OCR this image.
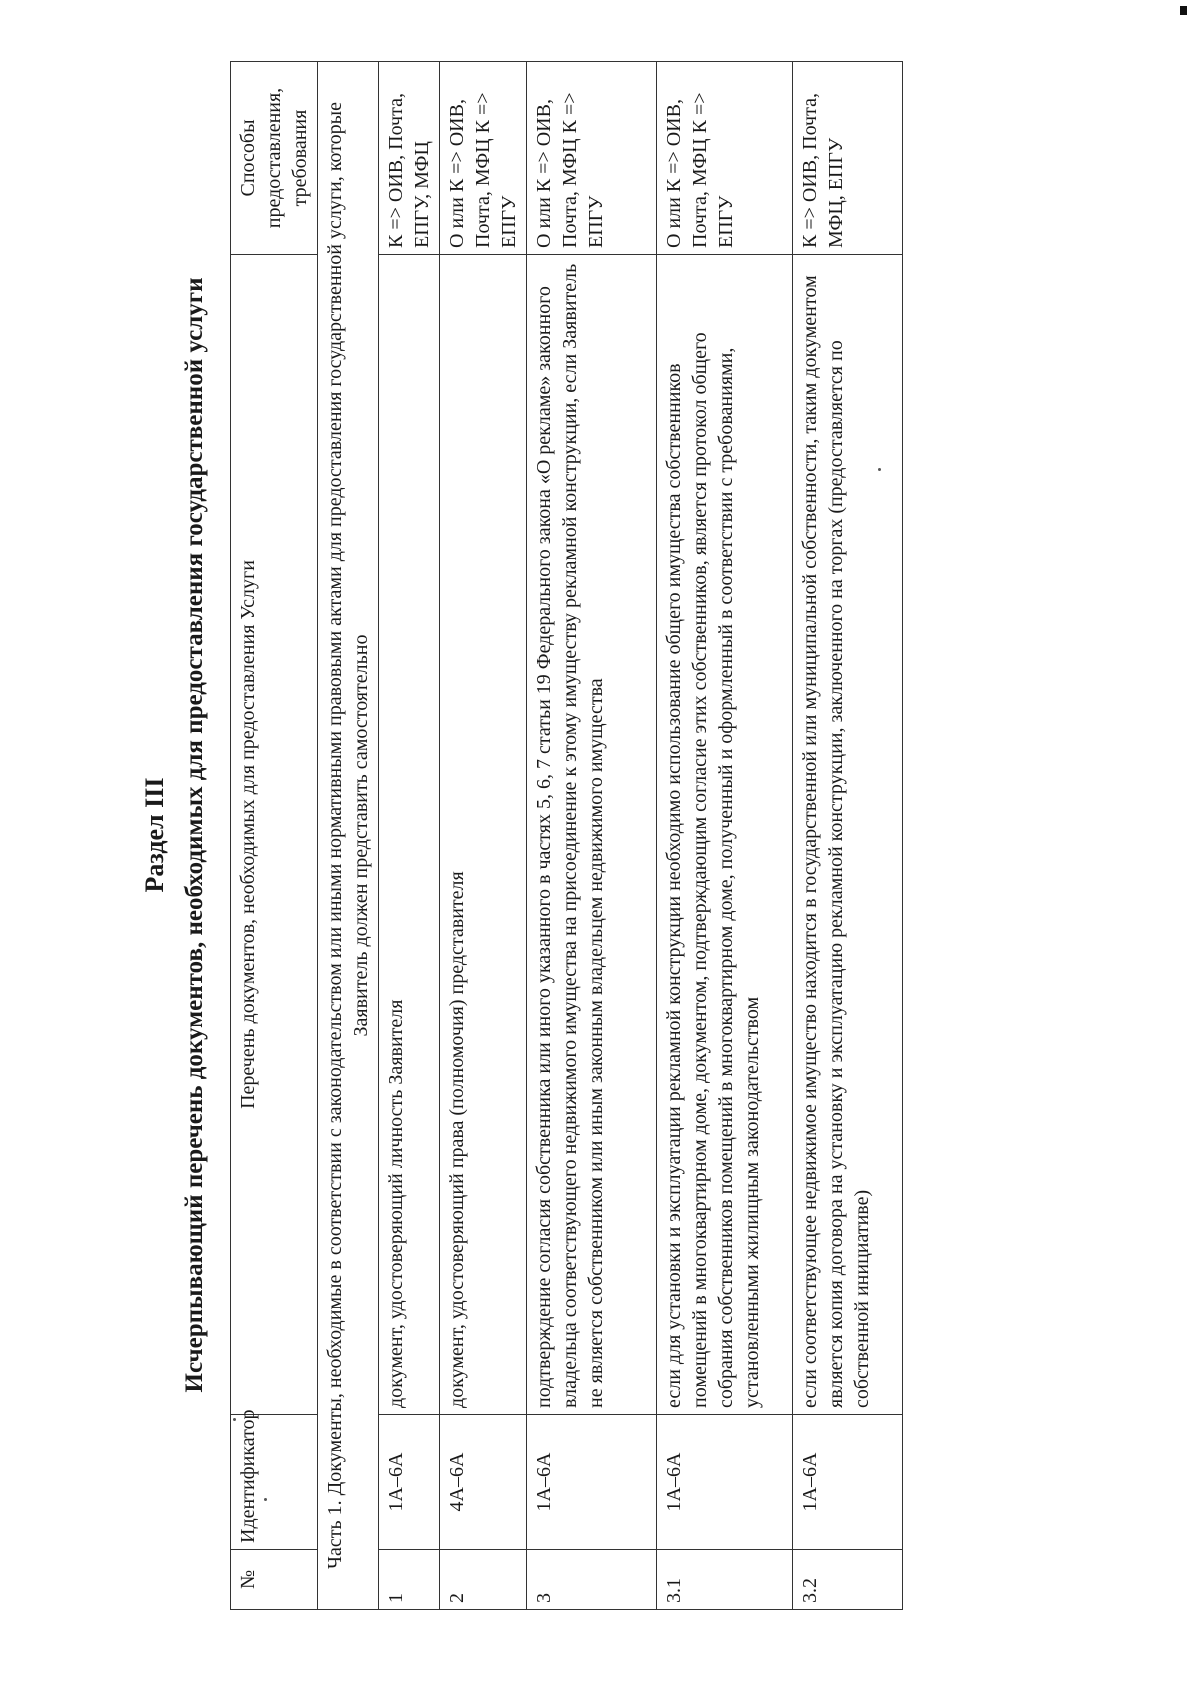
Раздел III Исчерпывающий перечень документов, необходимых для предоставления государственной услуги
№	Идентификатор	Перечень документов, необходимых для предоставления Услуги	Способы предоставления, требования
Часть 1. Документы, необходимые в соответствии с законодательством или иными нормативными правовыми актами для предоставления государственной услуги, которые Заявитель должен представить самостоятельно			
1	1А–6А	документ, удостоверяющий личность Заявителя	К => ОИВ, Почта, ЕПГУ, МФЦ
2	4А–6А	документ, удостоверяющий права (полномочия) представителя	О или К => ОИВ, Почта, МФЦ К => ЕПГУ
3	1А–6А	подтверждение согласия собственника или иного указанного в частях 5, 6, 7 статьи 19 Федерального закона «О рекламе» законного владельца соответствующего недвижимого имущества на присоединение к этому имуществу рекламной конструкции, если Заявитель не является собственником или иным законным владельцем недвижимого имущества	О или К => ОИВ, Почта, МФЦ К => ЕПГУ
3.1	1А–6А	если для установки и эксплуатации рекламной конструкции необходимо использование общего имущества собственников помещений в многоквартирном доме, документом, подтверждающим согласие этих собственников, является протокол общего собрания собственников помещений в многоквартирном доме, полученный и оформленный в соответствии с требованиями, установленными жилищным законодательством	О или К => ОИВ, Почта, МФЦ К => ЕПГУ
3.2	1А–6А	если соответствующее недвижимое имущество находится в государственной или муниципальной собственности, таким документом является копия договора на установку и эксплуатацию рекламной конструкции, заключенного на торгах (предоставляется по собственной инициативе)	К => ОИВ, Почта, МФЦ, ЕПГУ
